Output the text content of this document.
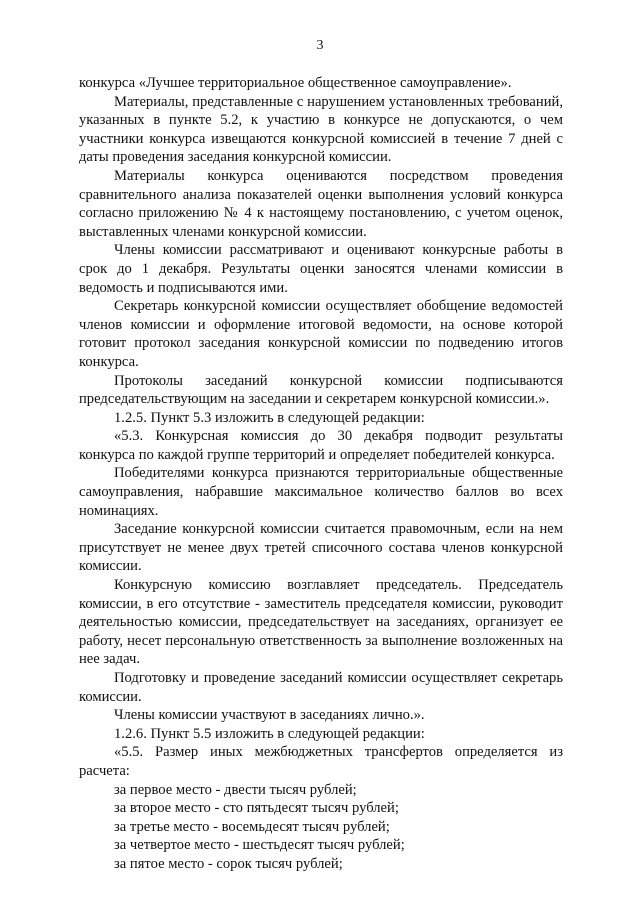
3

конкурса «Лучшее территориальное общественное самоуправление».

Материалы, представленные с нарушением установленных требований, указанных в пункте 5.2, к участию в конкурсе не допускаются, о чем участники конкурса извещаются конкурсной комиссией в течение 7 дней с даты проведения заседания конкурсной комиссии.

Материалы конкурса оцениваются посредством проведения сравнительного анализа показателей оценки выполнения условий конкурса согласно приложению № 4 к настоящему постановлению, с учетом оценок, выставленных членами конкурсной комиссии.

Члены комиссии рассматривают и оценивают конкурсные работы в срок до 1 декабря. Результаты оценки заносятся членами комиссии в ведомость и подписываются ими.

Секретарь конкурсной комиссии осуществляет обобщение ведомостей членов комиссии и оформление итоговой ведомости, на основе которой готовит протокол заседания конкурсной комиссии по подведению итогов конкурса.

Протоколы заседаний конкурсной комиссии подписываются председательствующим на заседании и секретарем конкурсной комиссии.».

1.2.5. Пункт 5.3 изложить в следующей редакции:

«5.3. Конкурсная комиссия до 30 декабря подводит результаты конкурса по каждой группе территорий и определяет победителей конкурса.

Победителями конкурса признаются территориальные общественные самоуправления, набравшие максимальное количество баллов во всех номинациях.

Заседание конкурсной комиссии считается правомочным, если на нем присутствует не менее двух третей списочного состава членов конкурсной комиссии.

Конкурсную комиссию возглавляет председатель. Председатель комиссии, в его отсутствие - заместитель председателя комиссии, руководит деятельностью комиссии, председательствует на заседаниях, организует ее работу, несет персональную ответственность за выполнение возложенных на нее задач.

Подготовку и проведение заседаний комиссии осуществляет секретарь комиссии.

Члены комиссии участвуют в заседаниях лично.».

1.2.6. Пункт 5.5 изложить в следующей редакции:

«5.5. Размер иных межбюджетных трансфертов определяется из расчета:

за первое место - двести тысяч рублей;

за второе место - сто пятьдесят тысяч рублей;

за третье место - восемьдесят тысяч рублей;

за четвертое место - шестьдесят тысяч рублей;

за пятое место - сорок тысяч рублей;
